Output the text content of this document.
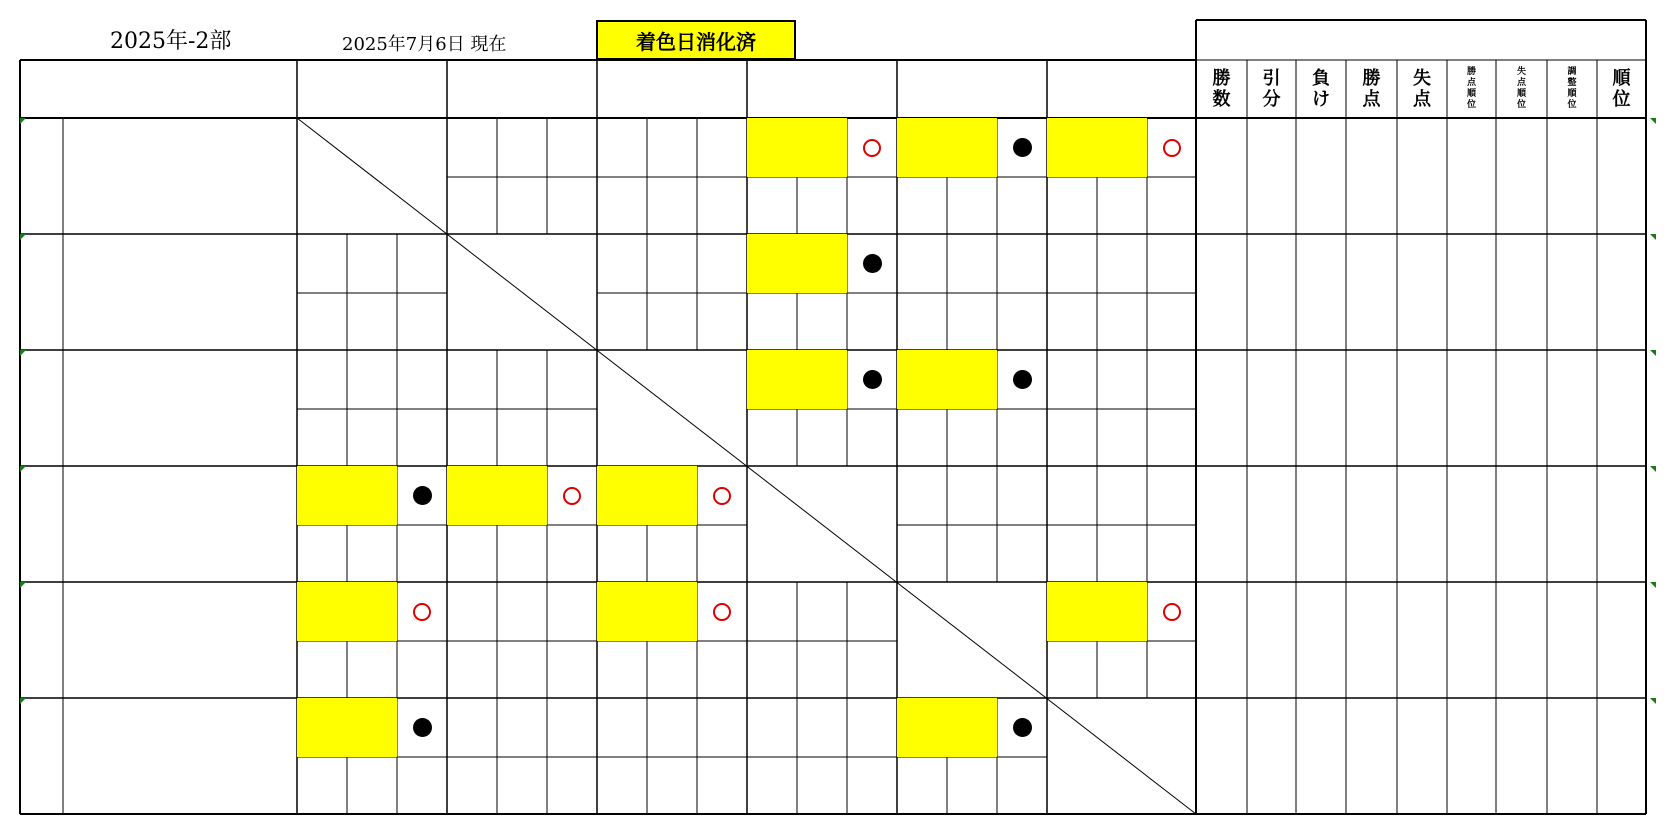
2025年-2部	2025年7月6日 現在	着色日消化済
勝数
引分
負け
勝点
失点
勝点順位
失点順位
調整順位
順位
